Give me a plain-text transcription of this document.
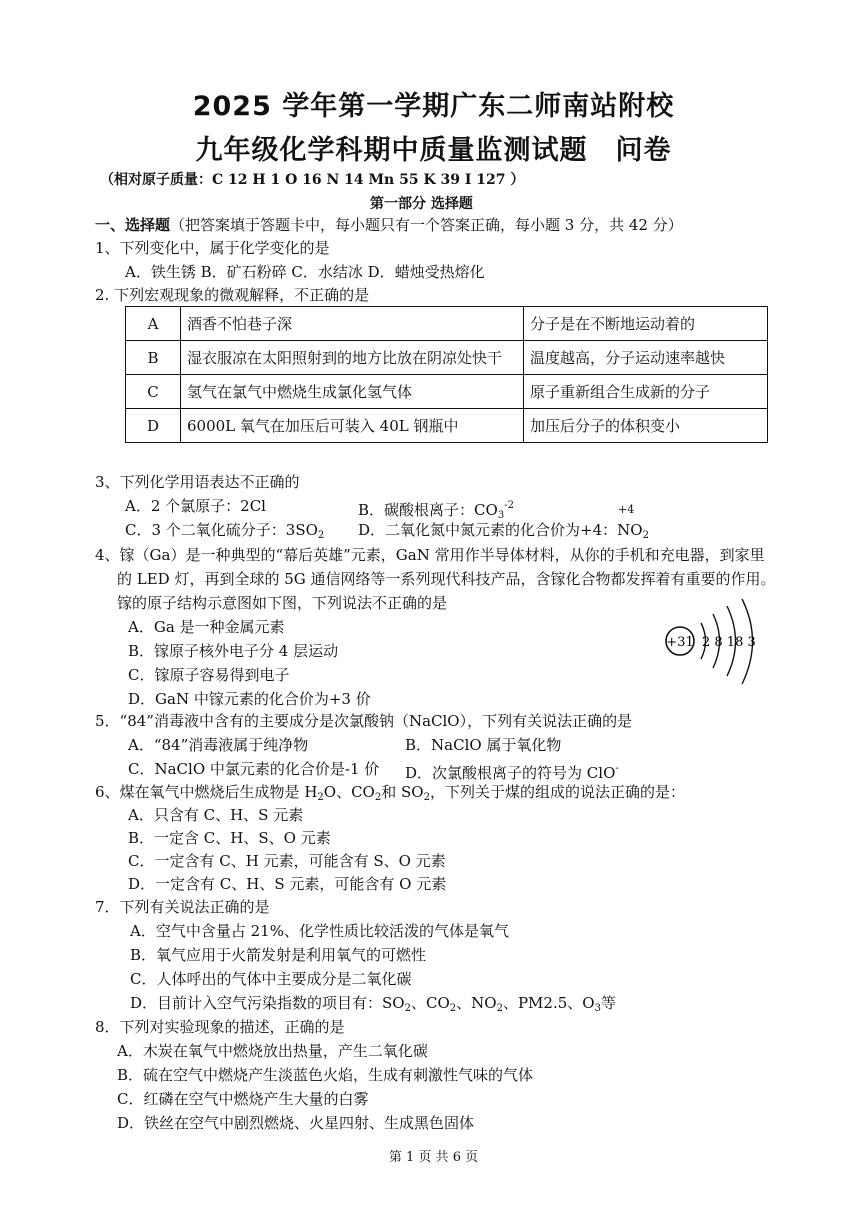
2025 学年第一学期广东二师南站附校
九年级化学科期中质量监测试题 问卷
（相对原子质量：C 12 H 1 O 16 N 14 Mn 55 K 39 I 127 ）
第一部分 选择题
一、选择题（把答案填于答题卡中，每小题只有一个答案正确，每小题 3 分，共 42 分）
1、下列变化中，属于化学变化的是
A．铁生锈 B．矿石粉碎 C．水结冰 D．蜡烛受热熔化
2. 下列宏观现象的微观解释，不正确的是
A	酒香不怕巷子深	分子是在不断地运动着的
B	湿衣服凉在太阳照射到的地方比放在阴凉处快干	温度越高，分子运动速率越快
C	氢气在氯气中燃烧生成氯化氢气体	原子重新组合生成新的分子
D	6000L 氧气在加压后可装入 40L 钢瓶中	加压后分子的体积变小
3、下列化学用语表达不正确的
A．2 个氯原子：2Cl	B．碳酸根离子：$CO_3^{-2}$	+4
C．3 个二氧化硫分子：$3SO_2$ D．二氧化氮中氮元素的化合价为+4：$NO_2$
4、镓（Ga）是一种典型的“幕后英雄”元素，GaN 常用作半导体材料，从你的手机和充电器，到家里
的 LED 灯，再到全球的 5G 通信网络等一系列现代科技产品，含镓化合物都发挥着有重要的作用。
镓的原子结构示意图如下图，下列说法不正确的是
A．Ga 是一种金属元素
B．镓原子核外电子分 4 层运动
C．镓原子容易得到电子
D．GaN 中镓元素的化合价为+3 价
+31 2 8 18 3
5．“84”消毒液中含有的主要成分是次氯酸钠（NaClO），下列有关说法正确的是
A．“84”消毒液属于纯净物	B．NaClO 属于氧化物
C．NaClO 中氯元素的化合价是-1 价 D．次氯酸根离子的符号为 ClO-
6、煤在氧气中燃烧后生成物是 $H_2O$、$CO_2$和 $SO_2$，下列关于煤的组成的说法正确的是：
A．只含有 C、H、S 元素
B．一定含 C、H、S、O 元素
C．一定含有 C、H 元素，可能含有 S、O 元素
D．一定含有 C、H、S 元素，可能含有 O 元素
7．下列有关说法正确的是
A．空气中含量占 21%、化学性质比较活泼的气体是氧气
B．氧气应用于火箭发射是利用氧气的可燃性
C．人体呼出的气体中主要成分是二氧化碳
D．目前计入空气污染指数的项目有：$SO_2$、$CO_2$、$NO_2$、PM2.5、$O_3$等
8．下列对实验现象的描述，正确的是
A．木炭在氧气中燃烧放出热量，产生二氧化碳
B．硫在空气中燃烧产生淡蓝色火焰，生成有刺激性气味的气体
C．红磷在空气中燃烧产生大量的白雾
D．铁丝在空气中剧烈燃烧、火星四射、生成黑色固体
第 1 页 共 6 页
